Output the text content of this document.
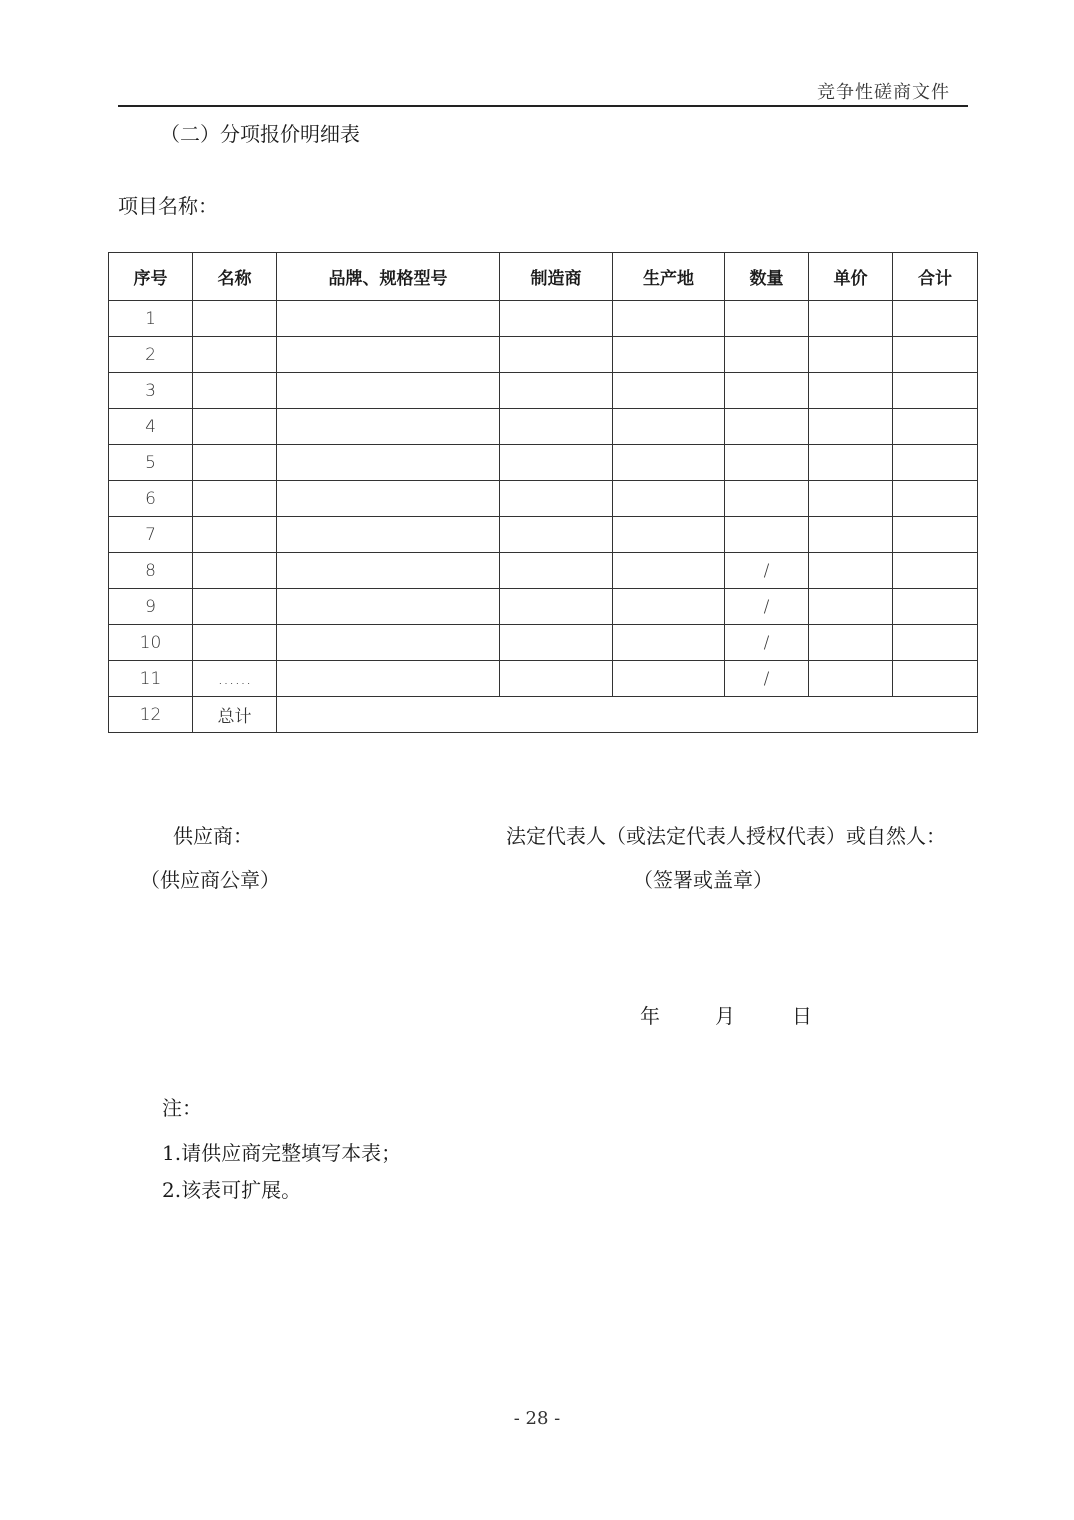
竞争性磋商文件
（二）分项报价明细表
项目名称：
序号	名称	品牌、规格型号	制造商	生产地	数量	单价	合计
1							
2							
3							
4							
5							
6							
7							
8					/		
9					/		
10					/		
11	……				/		
12	总计						
供应商：
（供应商公章）
法定代表人（或法定代表人授权代表）或自然人：
（签署或盖章）
年	月	日
注：
1.请供应商完整填写本表；
2.该表可扩展。
- 28 -
